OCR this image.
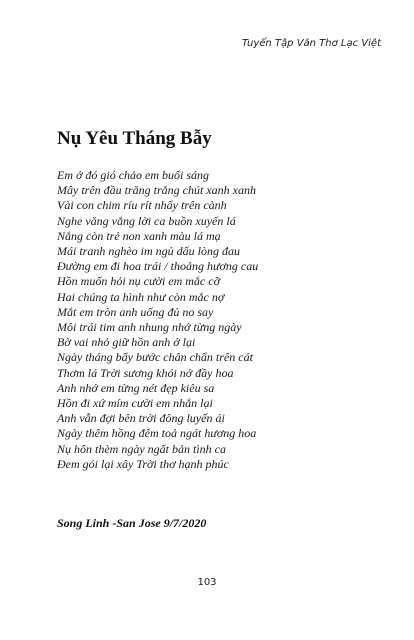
Tuyển Tập Văn Thơ Lạc Việt
Nụ Yêu Tháng Bẫy
Em ở đó gió chảo em buổi sáng
Mây trên đầu trăng trắng chút xanh xanh
Vài con chim ríu rít nhẩy trên cành
Nghe văng vẳng lời ca buồn xuyến lá
Nắng còn trẻ non xanh màu lá mạ
Mái tranh nghèo im ngủ dấu lòng đau
Đường em đi hoa trái / thoảng hương cau
Hồn muốn hỏi nụ cười em mắc cỡ
Hai chúng ta hình như còn mắc nợ
Mắt em tròn anh uống đủ no say
Môi trái tim anh nhung nhớ từng ngày
Bờ vai nhỏ giữ hồn anh ở lại
Ngày tháng bẩy bước chân chẩn trên cát
Thơm lá Trời sương khói nở đầy hoa
Anh nhớ em từng nét đẹp kiêu sa
Hồn đi xứ mím cười em nhắn lại
Anh vẫn đợi bên trời đông luyến ái
Ngày thêm hồng đêm toả ngát hương hoa
Nụ hôn thèm ngày ngất bản tình ca
Đem gói lại xây Trời thơ hạnh phúc

Song Linh -San Jose 9/7/2020

103
